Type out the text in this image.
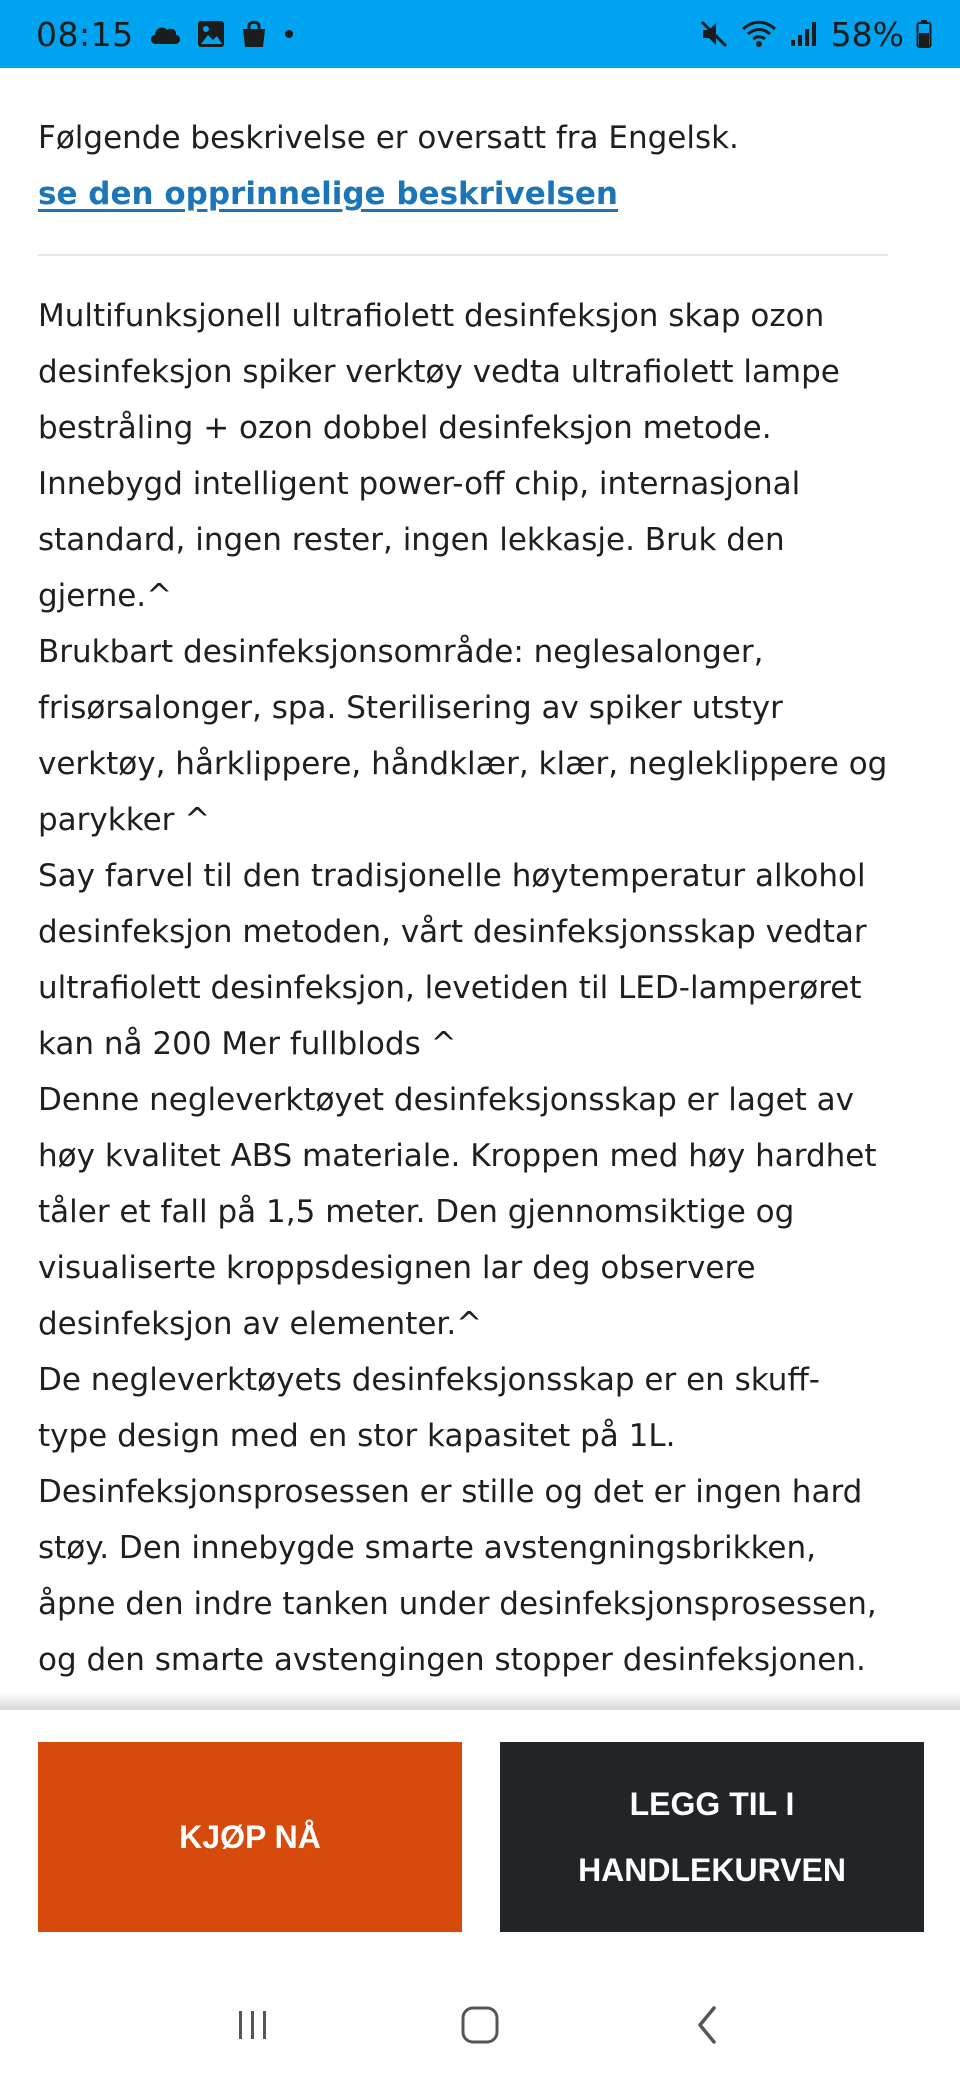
08:15	58%

Følgende beskrivelse er oversatt fra Engelsk.

se den opprinnelige beskrivelsen

Multifunksjonell ultrafiolett desinfeksjon skap ozon desinfeksjon spiker verktøy vedta ultrafiolett lampe bestråling + ozon dobbel desinfeksjon metode. Innebygd intelligent power-off chip, internasjonal standard, ingen rester, ingen lekkasje. Bruk den gjerne.^

Brukbart desinfeksjonsområde: neglesalonger, frisørsalonger, spa. Sterilisering av spiker utstyr verktøy, hårklippere, håndklær, klær, negleklippere og parykker ^

Say farvel til den tradisjonelle høytemperatur alkohol desinfeksjon metoden, vårt desinfeksjonsskap vedtar ultrafiolett desinfeksjon, levetiden til LED-lamperøret kan nå 200 Mer fullblods ^

Denne negleverktøyet desinfeksjonsskap er laget av høy kvalitet ABS materiale. Kroppen med høy hardhet tåler et fall på 1,5 meter. Den gjennomsiktige og visualiserte kroppsdesignen lar deg observere desinfeksjon av elementer.^

De negleverktøyets desinfeksjonsskap er en skuff-type design med en stor kapasitet på 1L.

Desinfeksjonsprosessen er stille og det er ingen hard støy. Den innebygde smarte avstengningsbrikken, åpne den indre tanken under desinfeksjonsprosessen, og den smarte avstengingen stopper desinfeksjonen.

KJØP NÅ
LEGG TIL I HANDLEKURVEN
